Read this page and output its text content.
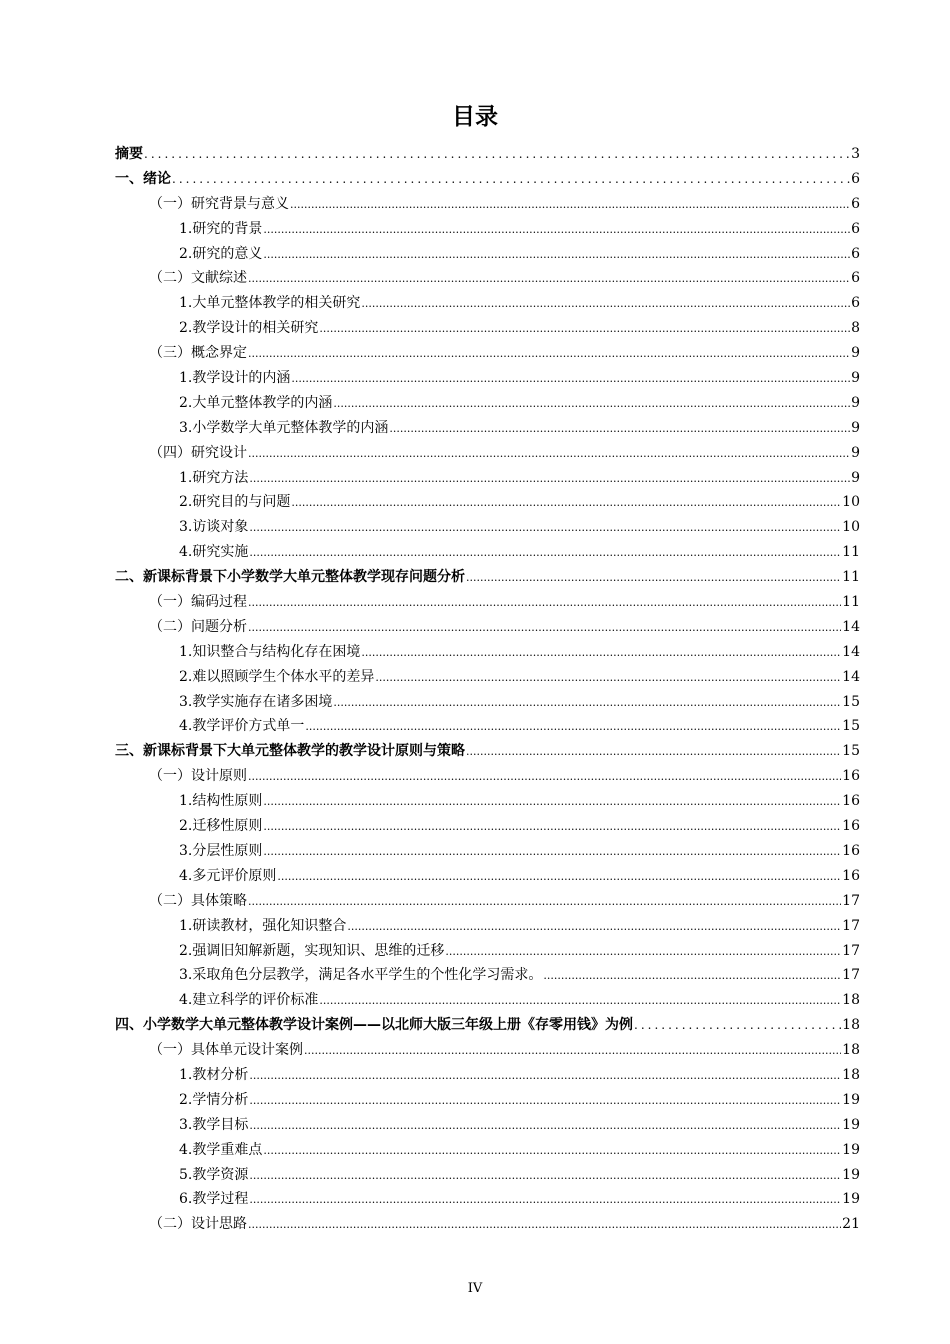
目录
摘要 .....	3
一、绪论 .....	6
（一）研究背景与意义 .....	6
1.研究的背景 .....	6
2.研究的意义 .....	6
（二）文献综述 .....	6
1.大单元整体教学的相关研究 .....	6
2.教学设计的相关研究 .....	8
（三）概念界定 .....	9
1.教学设计的内涵 .....	9
2.大单元整体教学的内涵 .....	9
3.小学数学大单元整体教学的内涵 .....	9
（四）研究设计 .....	9
1.研究方法 .....	9
2.研究目的与问题 .....	10
3.访谈对象 .....	10
4.研究实施 .....	11
二、新课标背景下小学数学大单元整体教学现存问题分析 .....	11
（一）编码过程 .....	11
（二）问题分析 .....	14
1.知识整合与结构化存在困境 .....	14
2.难以照顾学生个体水平的差异 .....	14
3.教学实施存在诸多困境 .....	15
4.教学评价方式单一 .....	15
三、新课标背景下大单元整体教学的教学设计原则与策略 .....	15
（一）设计原则 .....	16
1.结构性原则 .....	16
2.迁移性原则 .....	16
3.分层性原则 .....	16
4.多元评价原则 .....	16
（二）具体策略 .....	17
1.研读教材，强化知识整合 .....	17
2.强调旧知解新题，实现知识、思维的迁移 .....	17
3.采取角色分层教学，满足各水平学生的个性化学习需求。 .....	17
4.建立科学的评价标准 .....	18
四、小学数学大单元整体教学设计案例——以北师大版三年级上册《存零用钱》为例 .....	18
（一）具体单元设计案例 .....	18
1.教材分析 .....	18
2.学情分析 .....	19
3.教学目标 .....	19
4.教学重难点 .....	19
5.教学资源 .....	19
6.教学过程 .....	19
（二）设计思路 .....	21
IV
